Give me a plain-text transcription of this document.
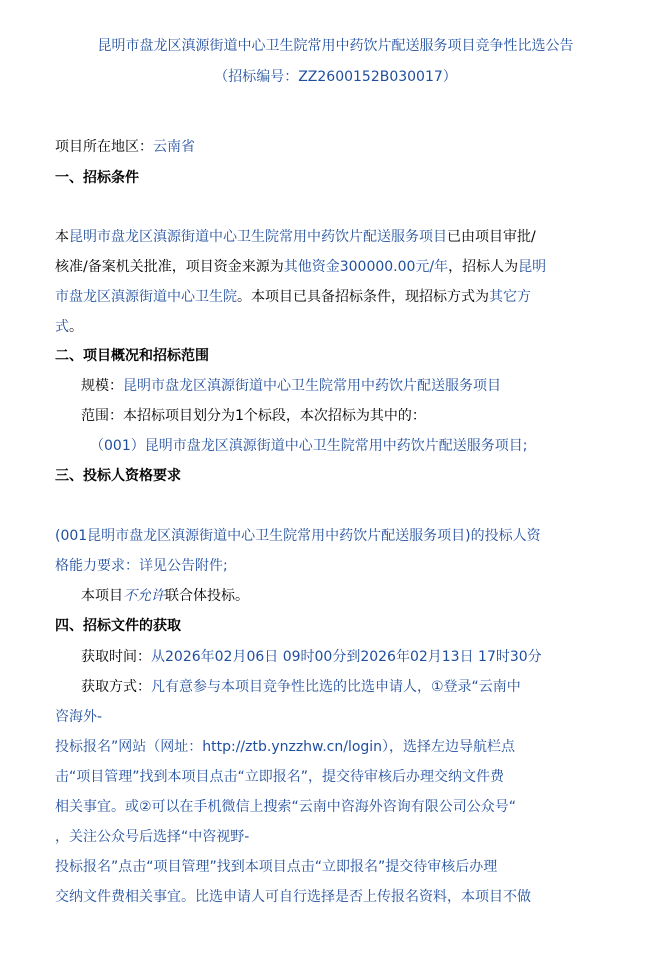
昆明市盘龙区滇源街道中心卫生院常用中药饮片配送服务项目竞争性比选公告
（招标编号：ZZ2600152B030017）
项目所在地区：云南省
一、招标条件
本昆明市盘龙区滇源街道中心卫生院常用中药饮片配送服务项目已由项目审批/
核准/备案机关批准，项目资金来源为其他资金300000.00元/年，招标人为昆明
市盘龙区滇源街道中心卫生院。本项目已具备招标条件，现招标方式为其它方
式。
二、项目概况和招标范围
规模：昆明市盘龙区滇源街道中心卫生院常用中药饮片配送服务项目
范围：本招标项目划分为1个标段，本次招标为其中的：
（001）昆明市盘龙区滇源街道中心卫生院常用中药饮片配送服务项目;
三、投标人资格要求
(001昆明市盘龙区滇源街道中心卫生院常用中药饮片配送服务项目)的投标人资
格能力要求：详见公告附件;
本项目不允许联合体投标。
四、招标文件的获取
获取时间：从2026年02月06日 09时00分到2026年02月13日 17时30分
获取方式：凡有意参与本项目竞争性比选的比选申请人，①登录“云南中
咨海外-
投标报名”网站（网址：http://ztb.ynzzhw.cn/login），选择左边导航栏点
击“项目管理”找到本项目点击“立即报名”，提交待审核后办理交纳文件费
相关事宜。或②可以在手机微信上搜索“云南中咨海外咨询有限公司公众号“
，关注公众号后选择“中咨视野-
投标报名”点击“项目管理”找到本项目点击“立即报名”提交待审核后办理
交纳文件费相关事宜。比选申请人可自行选择是否上传报名资料，本项目不做
